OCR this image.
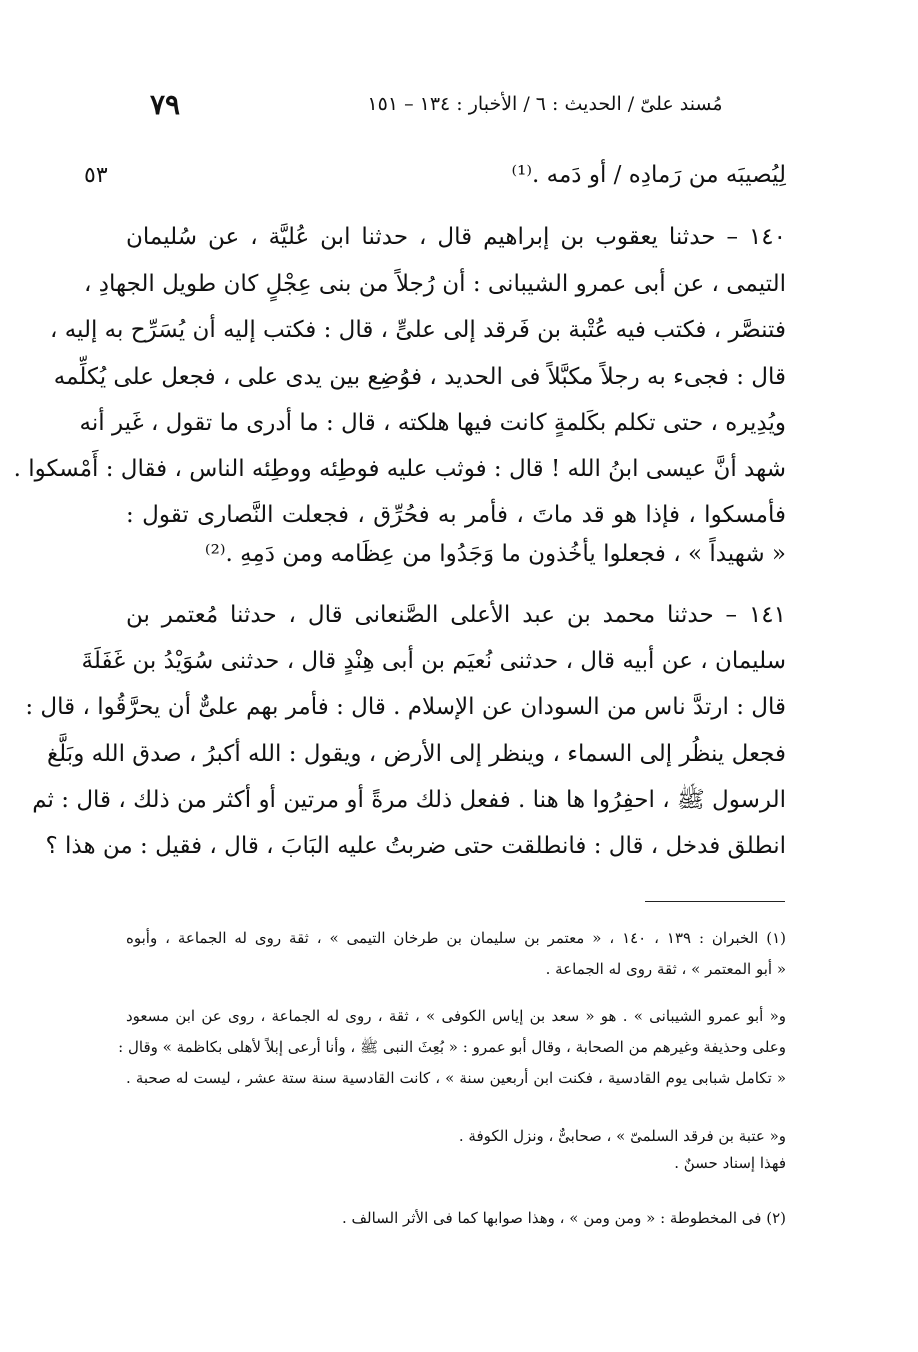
٧٩	مُسند علىّ / الحديث : ٦ / الأخبار : ١٣٤ – ١٥١
٥٣	لِيُصيبَه من رَمادِه / أو دَمه .⁽¹⁾
١٤٠ – حدثنا يعقوب بن إبراهيم قال ، حدثنا ابن عُليَّة ، عن سُليمان
التيمى ، عن أبى عمرو الشيبانى : أن رُجلاً من بنى عِجْلٍ كان طويل الجهادِ ،
فتنصَّر ، فكتب فيه عُتْبة بن فَرقد إلى علىٍّ ، قال : فكتب إليه أن يُسَرِّح به إليه ،
قال : فجىء به رجلاً مكبَّلاً فى الحديد ، فوُضِع بين يدى على ، فجعل على يُكلِّمه
ويُدِيره ، حتى تكلم بكَلمةٍ كانت فيها هلكته ، قال : ما أدرى ما تقول ، غَير أنه
شهد أنَّ عيسى ابنُ الله ! قال : فوثب عليه فوطِئه ووطِئه الناس ، فقال : أَمْسكوا .
فأمسكوا ، فإذا هو قد ماتَ ، فأمر به فحُرِّق ، فجعلت النَّصارى تقول :
« شهيداً » ، فجعلوا يأخُذون ما وَجَدُوا من عِظَامه ومن دَمِهِ .⁽²⁾
١٤١ – حدثنا محمد بن عبد الأعلى الصَّنعانى قال ، حدثنا مُعتمر بن
سليمان ، عن أبيه قال ، حدثنى نُعيَم بن أبى هِنْدٍ قال ، حدثنى سُوَيْدُ بن غَفَلَةَ
قال : ارتدَّ ناس من السودان عن الإسلام . قال : فأمر بهم علىٌّ أن يحرَّقُوا ، قال :
فجعل ينظُر إلى السماء ، وينظر إلى الأرض ، ويقول : الله أكبرُ ، صدق الله وبَلَّغ
الرسول ﷺ ، احفِرُوا ها هنا . ففعل ذلك مرةً أو مرتين أو أكثر من ذلك ، قال : ثم
انطلق فدخل ، قال : فانطلقت حتى ضربتُ عليه البَابَ ، قال ، فقيل : من هذا ؟
(١) الخبران : ١٣٩ ، ١٤٠ ، « معتمر بن سليمان بن طرخان التيمى » ، ثقة روى له الجماعة ، وأبوه
« أبو المعتمر » ، ثقة روى له الجماعة .
و« أبو عمرو الشيبانى » . هو « سعد بن إياس الكوفى » ، ثقة ، روى له الجماعة ، روى عن ابن مسعود
وعلى وحذيفة وغيرهم من الصحابة ، وقال أبو عمرو : « بُعِثَ النبى ﷺ ، وأنا أرعى إبلاً لأهلى بكاظمة » وقال :
« تكامل شبابى يوم القادسية ، فكنت ابن أربعين سنة » ، كانت القادسية سنة ستة عشر ، ليست له صحبة .
و« عتبة بن فرقد السلمىّ » ، صحابىٌّ ، ونزل الكوفة .
فهذا إسناد حسنٌ .
(٢) فى المخطوطة : « ومن ومن » ، وهذا صوابها كما فى الأثر السالف .
